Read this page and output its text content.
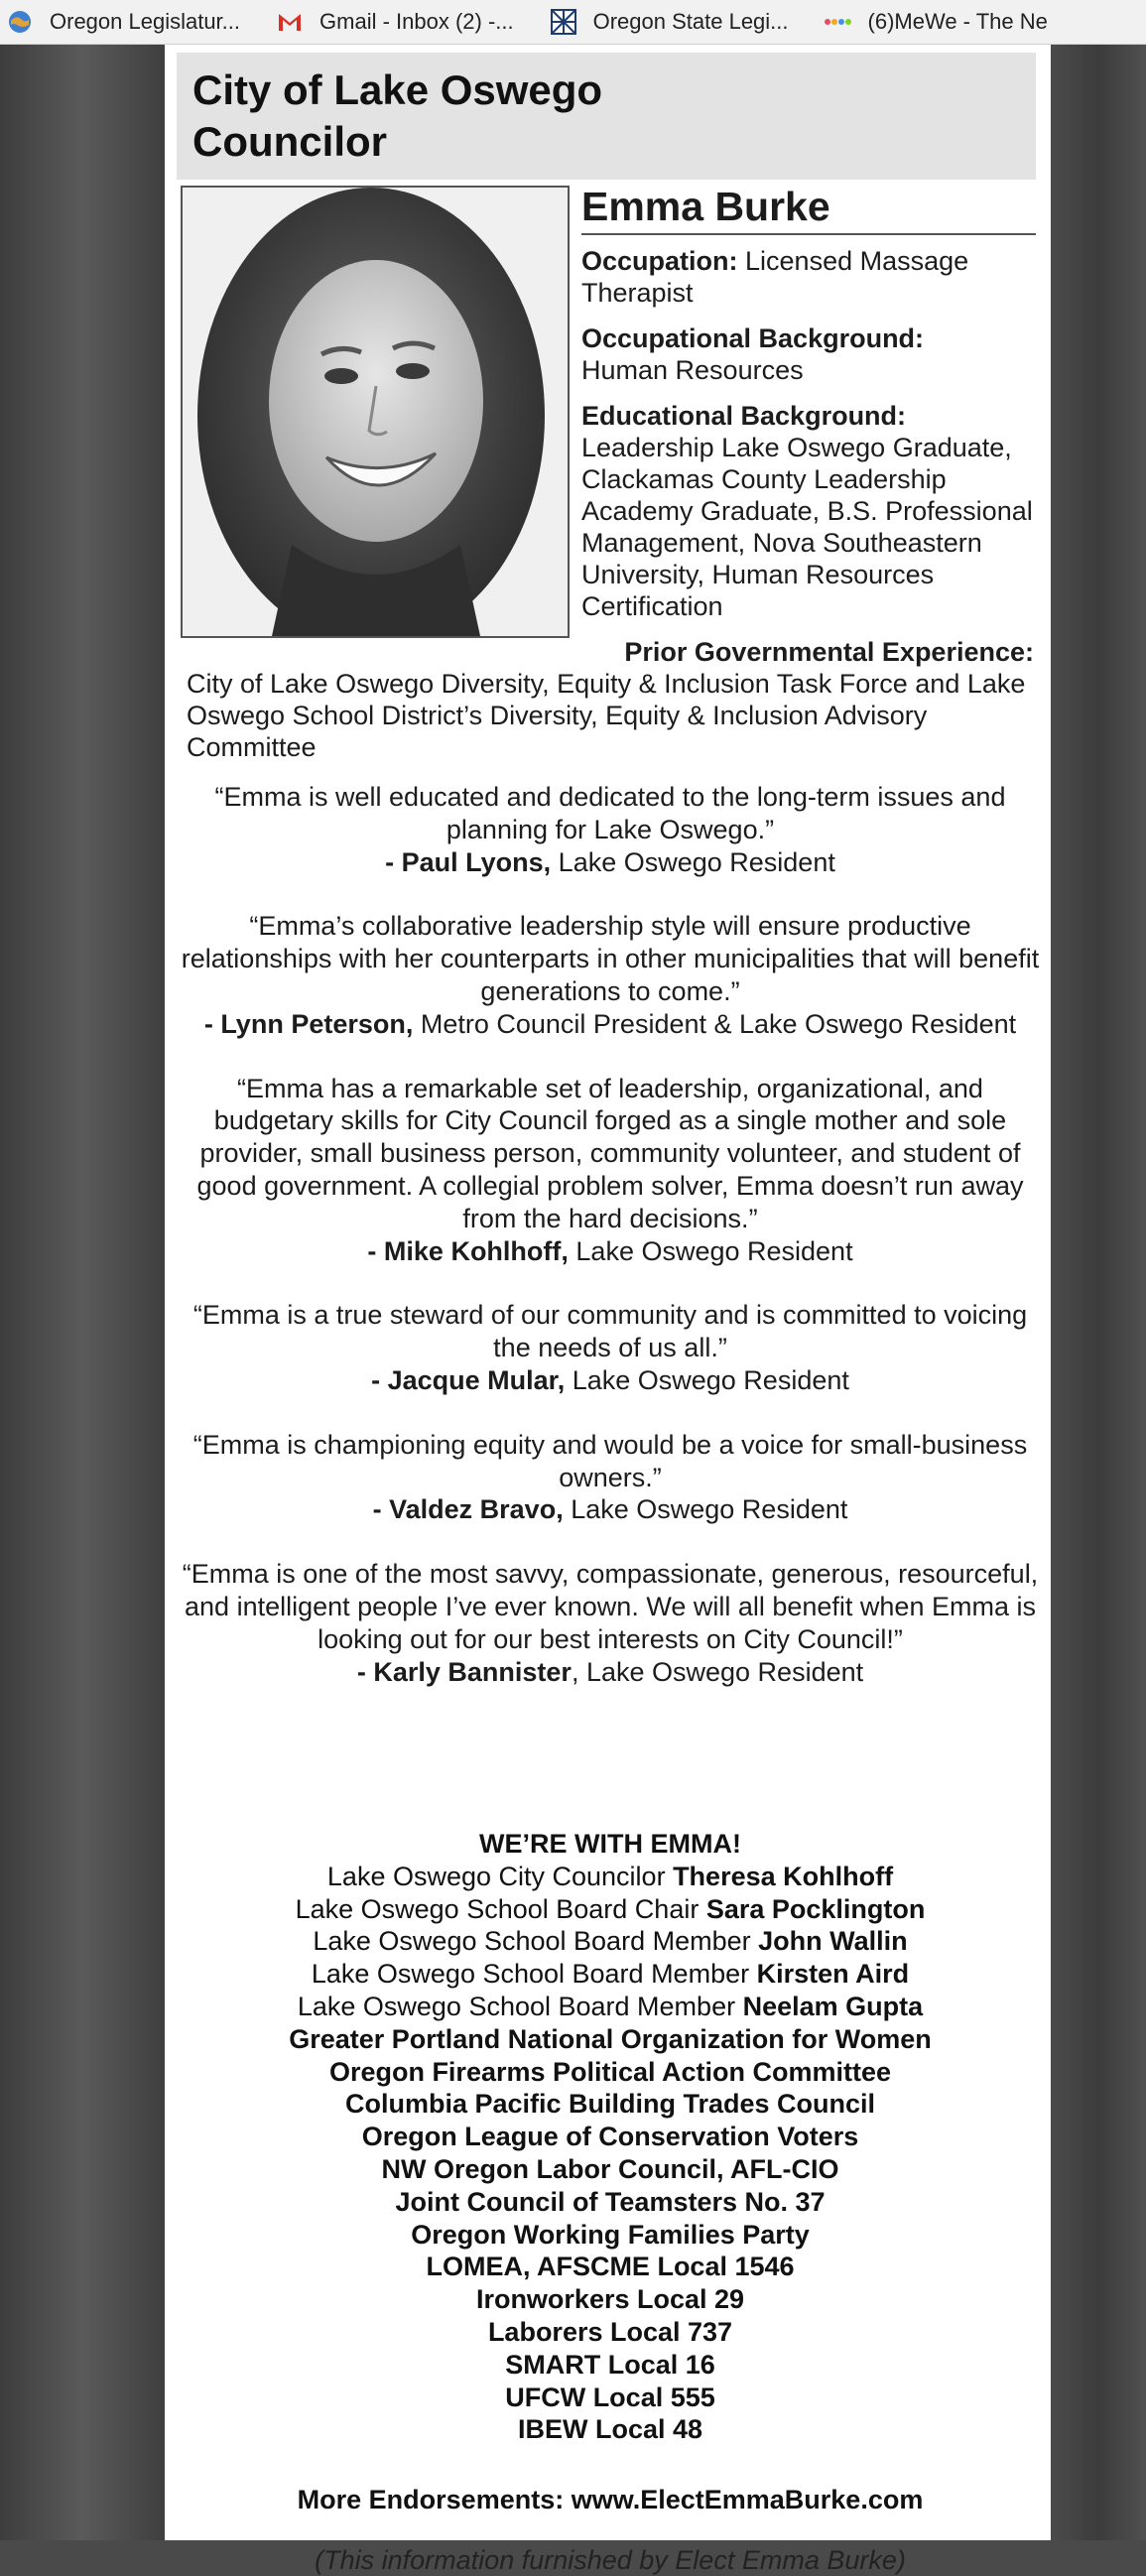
Oregon Legislatur...	Gmail - Inbox (2) -...	Oregon State Legi...	(6)MeWe - The Ne
City of Lake Oswego
Councilor
Emma Burke

Occupation: Licensed Massage Therapist

Occupational Background:
Human Resources

Educational Background:
Leadership Lake Oswego Graduate, Clackamas County Leadership Academy Graduate, B.S. Professional Management, Nova Southeastern University, Human Resources Certification

Prior Governmental Experience:
City of Lake Oswego Diversity, Equity & Inclusion Task Force and Lake Oswego School District’s Diversity, Equity & Inclusion Advisory Committee
“Emma is well educated and dedicated to the long-term issues and planning for Lake Oswego.”
- Paul Lyons, Lake Oswego Resident
“Emma’s collaborative leadership style will ensure productive relationships with her counterparts in other municipalities that will benefit generations to come.”
- Lynn Peterson, Metro Council President & Lake Oswego Resident
“Emma has a remarkable set of leadership, organizational, and budgetary skills for City Council forged as a single mother and sole provider, small business person, community volunteer, and student of good government. A collegial problem solver, Emma doesn’t run away from the hard decisions.”
- Mike Kohlhoff, Lake Oswego Resident
“Emma is a true steward of our community and is committed to voicing the needs of us all.”
- Jacque Mular, Lake Oswego Resident
“Emma is championing equity and would be a voice for small-business owners.”
- Valdez Bravo, Lake Oswego Resident
“Emma is one of the most savvy, compassionate, generous, resourceful, and intelligent people I’ve ever known. We will all benefit when Emma is looking out for our best interests on City Council!”
- Karly Bannister, Lake Oswego Resident
WE’RE WITH EMMA!
Lake Oswego City Councilor Theresa Kohlhoff
Lake Oswego School Board Chair Sara Pocklington
Lake Oswego School Board Member John Wallin
Lake Oswego School Board Member Kirsten Aird
Lake Oswego School Board Member Neelam Gupta
Greater Portland National Organization for Women
Oregon Firearms Political Action Committee
Columbia Pacific Building Trades Council
Oregon League of Conservation Voters
NW Oregon Labor Council, AFL-CIO
Joint Council of Teamsters No. 37
Oregon Working Families Party
LOMEA, AFSCME Local 1546
Ironworkers Local 29
Laborers Local 737
SMART Local 16
UFCW Local 555
IBEW Local 48
More Endorsements: www.ElectEmmaBurke.com
(This information furnished by Elect Emma Burke)
